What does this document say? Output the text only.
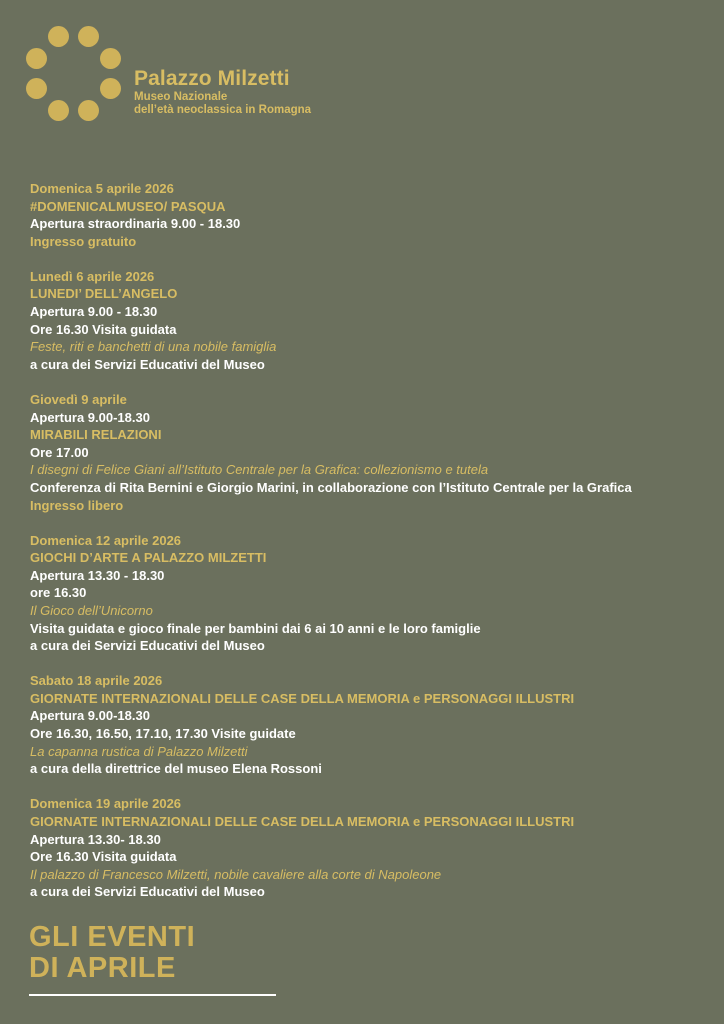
Palazzo Milzetti
Museo Nazionale
dell’età neoclassica in Romagna
Domenica 5 aprile 2026
#DOMENICALMUSEO/ PASQUA
Apertura straordinaria 9.00 - 18.30
Ingresso gratuito
Lunedì 6 aprile 2026
LUNEDI’ DELL’ANGELO
Apertura 9.00 - 18.30
Ore 16.30 Visita guidata
Feste, riti e banchetti di una nobile famiglia
a cura dei Servizi Educativi del Museo
Giovedì 9 aprile
Apertura 9.00-18.30
MIRABILI RELAZIONI
Ore 17.00
I disegni di Felice Giani all’Istituto Centrale per la Grafica: collezionismo e tutela
Conferenza di Rita Bernini e Giorgio Marini, in collaborazione con l’Istituto Centrale per la Grafica
Ingresso libero
Domenica 12 aprile 2026
GIOCHI D’ARTE A PALAZZO MILZETTI
Apertura 13.30 - 18.30
ore 16.30
Il Gioco dell’Unicorno
Visita guidata e gioco finale per bambini dai 6 ai 10 anni e le loro famiglie
a cura dei Servizi Educativi del Museo
Sabato 18 aprile 2026
GIORNATE INTERNAZIONALI DELLE CASE DELLA MEMORIA e PERSONAGGI ILLUSTRI
Apertura 9.00-18.30
Ore 16.30, 16.50, 17.10, 17.30 Visite guidate
La capanna rustica di Palazzo Milzetti
a cura della direttrice del museo Elena Rossoni
Domenica 19 aprile 2026
GIORNATE INTERNAZIONALI DELLE CASE DELLA MEMORIA e PERSONAGGI ILLUSTRI
Apertura 13.30- 18.30
Ore 16.30 Visita guidata
Il palazzo di Francesco Milzetti, nobile cavaliere alla corte di Napoleone
a cura dei Servizi Educativi del Museo
GLI EVENTI
DI APRILE
